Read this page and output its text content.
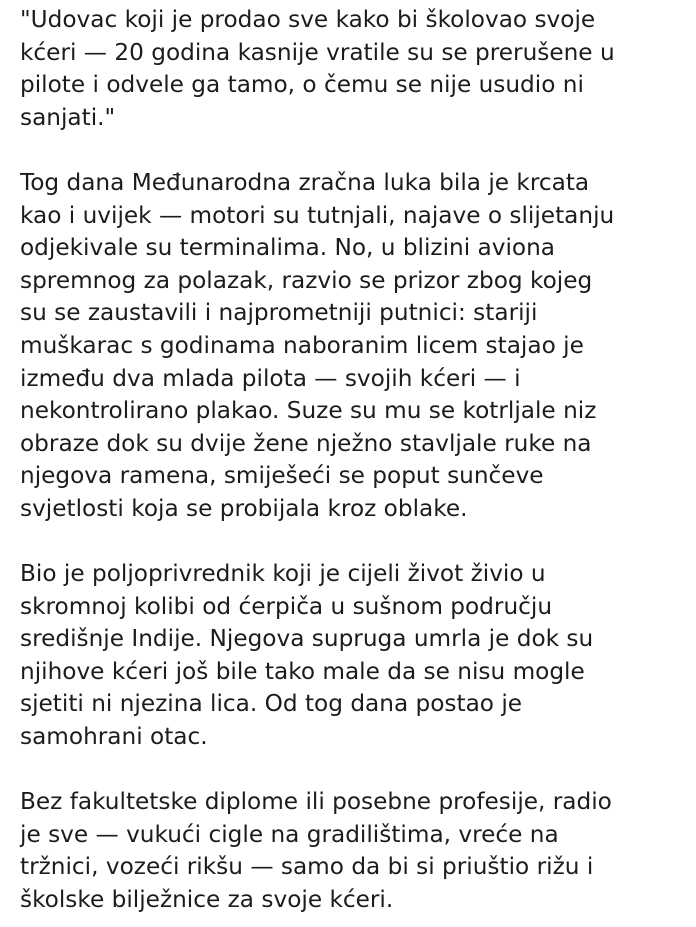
"Udovac koji je prodao sve kako bi školovao svoje
kćeri — 20 godina kasnije vratile su se prerušene u
pilote i odvele ga tamo, o čemu se nije usudio ni
sanjati."
Tog dana Međunarodna zračna luka bila je krcata
kao i uvijek — motori su tutnjali, najave o slijetanju
odjekivale su terminalima. No, u blizini aviona
spremnog za polazak, razvio se prizor zbog kojeg
su se zaustavili i najprometniji putnici: stariji
muškarac s godinama naboranim licem stajao je
između dva mlada pilota — svojih kćeri — i
nekontrolirano plakao. Suze su mu se kotrljale niz
obraze dok su dvije žene nježno stavljale ruke na
njegova ramena, smiješeći se poput sunčeve
svjetlosti koja se probijala kroz oblake.
Bio je poljoprivrednik koji je cijeli život živio u
skromnoj kolibi od ćerpiča u sušnom području
središnje Indije. Njegova supruga umrla je dok su
njihove kćeri još bile tako male da se nisu mogle
sjetiti ni njezina lica. Od tog dana postao je
samohrani otac.
Bez fakultetske diplome ili posebne profesije, radio
je sve — vukući cigle na gradilištima, vreće na
tržnici, vozeći rikšu — samo da bi si priuštio rižu i
školske bilježnice za svoje kćeri.
